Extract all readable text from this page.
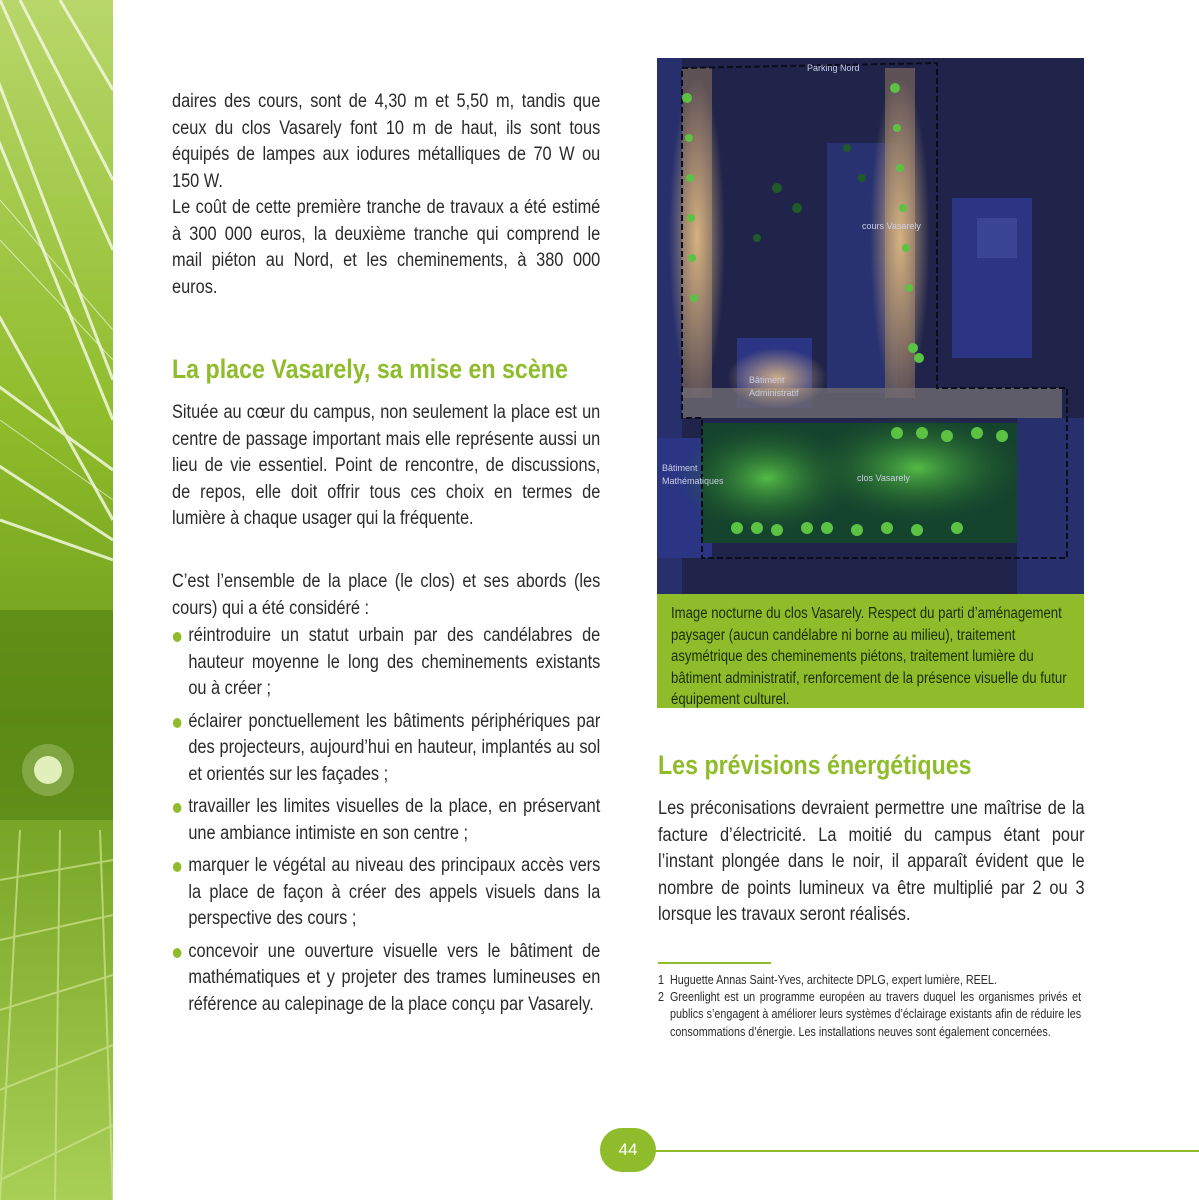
daires des cours, sont de 4,30 m et 5,50 m, tandis que ceux du clos Vasarely font 10 m de haut, ils sont tous équipés de lampes aux iodures métalliques de 70 W ou 150 W.

Le coût de cette première tranche de travaux a été estimé à 300 000 euros, la deuxième tranche qui comprend le mail piéton au Nord, et les cheminements, à 380 000 euros.

La place Vasarely, sa mise en scène

Située au cœur du campus, non seulement la place est un centre de passage important mais elle représente aussi un lieu de vie essentiel. Point de rencontre, de discussions, de repos, elle doit offrir tous ces choix en termes de lumière à chaque usager qui la fréquente.

C’est l’ensemble de la place (le clos) et ses abords (les cours) qui a été considéré :

réintroduire un statut urbain par des candélabres de hauteur moyenne le long des cheminements existants ou à créer ;
éclairer ponctuellement les bâtiments périphériques par des projecteurs, aujourd’hui en hauteur, implantés au sol et orientés sur les façades ;
travailler les limites visuelles de la place, en préservant une ambiance intimiste en son centre ;
marquer le végétal au niveau des principaux accès vers la place de façon à créer des appels visuels dans la perspective des cours ;
concevoir une ouverture visuelle vers le bâtiment de mathématiques et y projeter des trames lumineuses en référence au calepinage de la place conçu par Vasarely.
Parking Nord
cours Vasarely
Bâtiment
Administratif
Bâtiment
Mathématiques	clos Vasarely

Image nocturne du clos Vasarely. Respect du parti d’aménagement paysager (aucun candélabre ni borne au milieu), traitement asymétrique des cheminements piétons, traitement lumière du bâtiment administratif, renforcement de la présence visuelle du futur équipement culturel.

Les prévisions énergétiques

Les préconisations devraient permettre une maîtrise de la facture d’électricité. La moitié du campus étant pour l’instant plongée dans le noir, il apparaît évident que le nombre de points lumineux va être multiplié par 2 ou 3 lorsque les travaux seront réalisés.

1 Huguette Annas Saint-Yves, architecte DPLG, expert lumière, REEL.
2 Greenlight est un programme européen au travers duquel les organismes privés et publics s’engagent à améliorer leurs systèmes d’éclairage existants afin de réduire les consommations d’énergie. Les installations neuves sont également concernées.
44
